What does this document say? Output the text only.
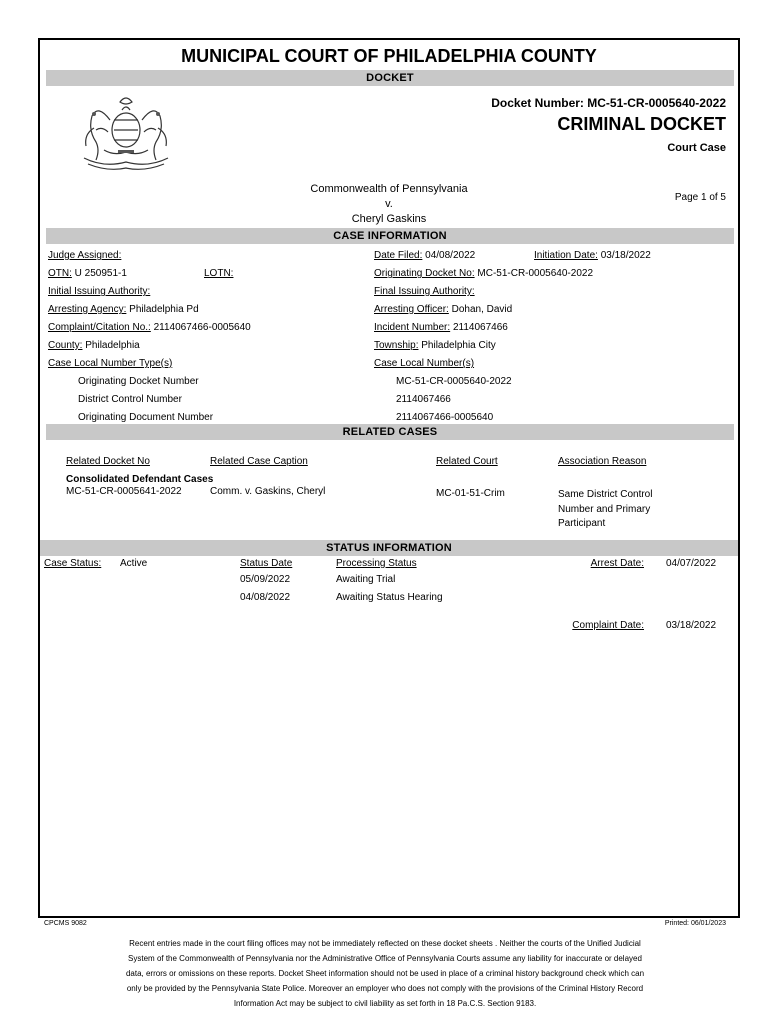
MUNICIPAL COURT OF PHILADELPHIA COUNTY
DOCKET
Docket Number: MC-51-CR-0005640-2022
CRIMINAL DOCKET
Court Case
Commonwealth of Pennsylvania
v.
Cheryl Gaskins
Page 1 of 5
CASE INFORMATION
Judge Assigned:	Date Filed: 04/08/2022	Initiation Date: 03/18/2022
OTN: U 250951-1	LOTN:	Originating Docket No: MC-51-CR-0005640-2022
Initial Issuing Authority:	Final Issuing Authority:
Arresting Agency: Philadelphia Pd	Arresting Officer: Dohan, David
Complaint/Citation No.: 2114067466-0005640	Incident Number: 2114067466
County: Philadelphia	Township: Philadelphia City
Case Local Number Type(s)	Case Local Number(s)
Originating Docket Number	MC-51-CR-0005640-2022
District Control Number	2114067466
Originating Document Number	2114067466-0005640
RELATED CASES
Related Docket No	Related Case Caption	Related Court	Association Reason
Consolidated Defendant Cases
MC-51-CR-0005641-2022	Comm. v. Gaskins, Cheryl	MC-01-51-Crim	Same District Control
Number and Primary
Participant
STATUS INFORMATION
Case Status: Active	Status Date	Processing Status
05/09/2022	Awaiting Trial
04/08/2022	Awaiting Status Hearing
Arrest Date: 04/07/2022
Complaint Date: 03/18/2022
CPCMS 9082	Printed: 06/01/2023
Recent entries made in the court filing offices may not be immediately reflected on these docket sheets . Neither the courts of the Unified Judicial
System of the Commonwealth of Pennsylvania nor the Administrative Office of Pennsylvania Courts assume any liability for inaccurate or delayed
data, errors or omissions on these reports. Docket Sheet information should not be used in place of a criminal history background check which can
only be provided by the Pennsylvania State Police. Moreover an employer who does not comply with the provisions of the Criminal History Record
Information Act may be subject to civil liability as set forth in 18 Pa.C.S. Section 9183.
